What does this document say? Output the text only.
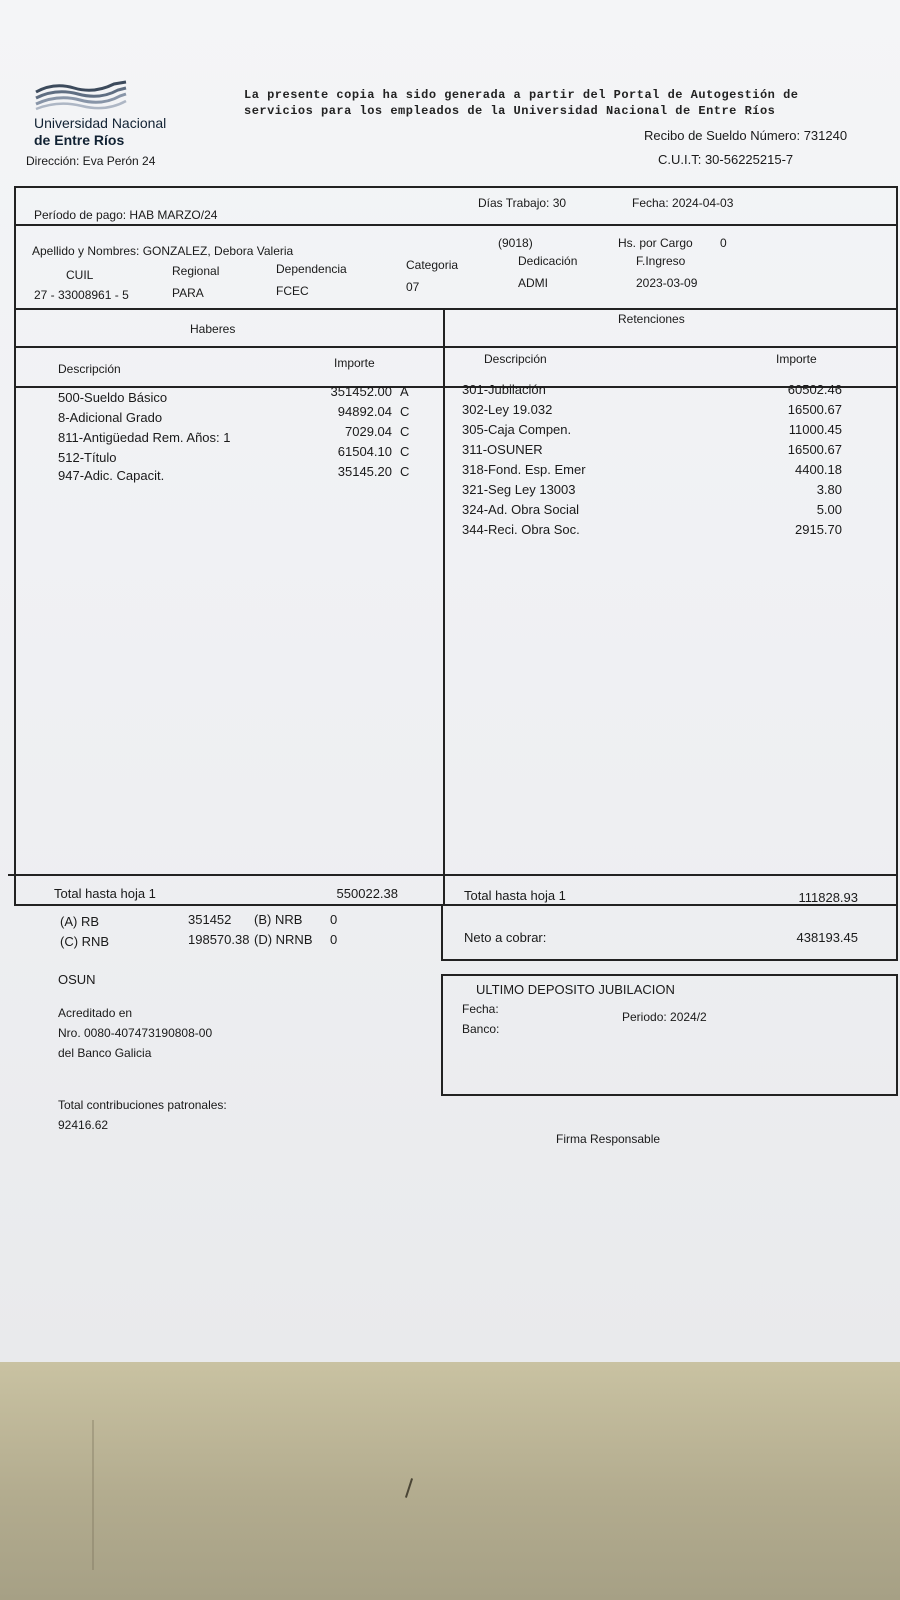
Universidad Nacional
de Entre Ríos
Dirección: Eva Perón 24
La presente copia ha sido generada a partir del Portal de Autogestión de
servicios para los empleados de la Universidad Nacional de Entre Ríos
Recibo de Sueldo Número: 731240
C.U.I.T: 30-56225215-7
Período de pago: HAB MARZO/24
Días Trabajo: 30	Fecha: 2024-04-03
Apellido y Nombres: GONZALEZ, Debora Valeria
(9018)	Hs. por Cargo 0
CUIL	Regional	Dependencia	Categoria	Dedicación	F.Ingreso
27 - 33008961 - 5	PARA	FCEC	07	ADMI	2023-03-09
Haberes
Retenciones
Descripción	Importe	Descripción	Importe
500-Sueldo Básico	351452.00 A
8-Adicional Grado	94892.04 C
811-Antigüedad Rem. Años: 1	7029.04 C
512-Título	61504.10 C
947-Adic. Capacit.	35145.20 C
301-Jubilación	60502.46
302-Ley 19.032	16500.67
305-Caja Compen.	11000.45
311-OSUNER	16500.67
318-Fond. Esp. Emer	4400.18
321-Seg Ley 13003	3.80
324-Ad. Obra Social	5.00
344-Reci. Obra Soc.	2915.70
Total hasta hoja 1	550022.38	Total hasta hoja 1	111828.93
Neto a cobrar:	438193.45
(A) RB	351452 (B) NRB 0
(C) RNB	198570.38 (D) NRNB 0
OSUN
Acreditado en
Nro. 0080-407473190808-00
del Banco Galicia
Total contribuciones patronales:
92416.62
ULTIMO DEPOSITO JUBILACION
Fecha:
Periodo: 2024/2
Banco:
Firma Responsable
